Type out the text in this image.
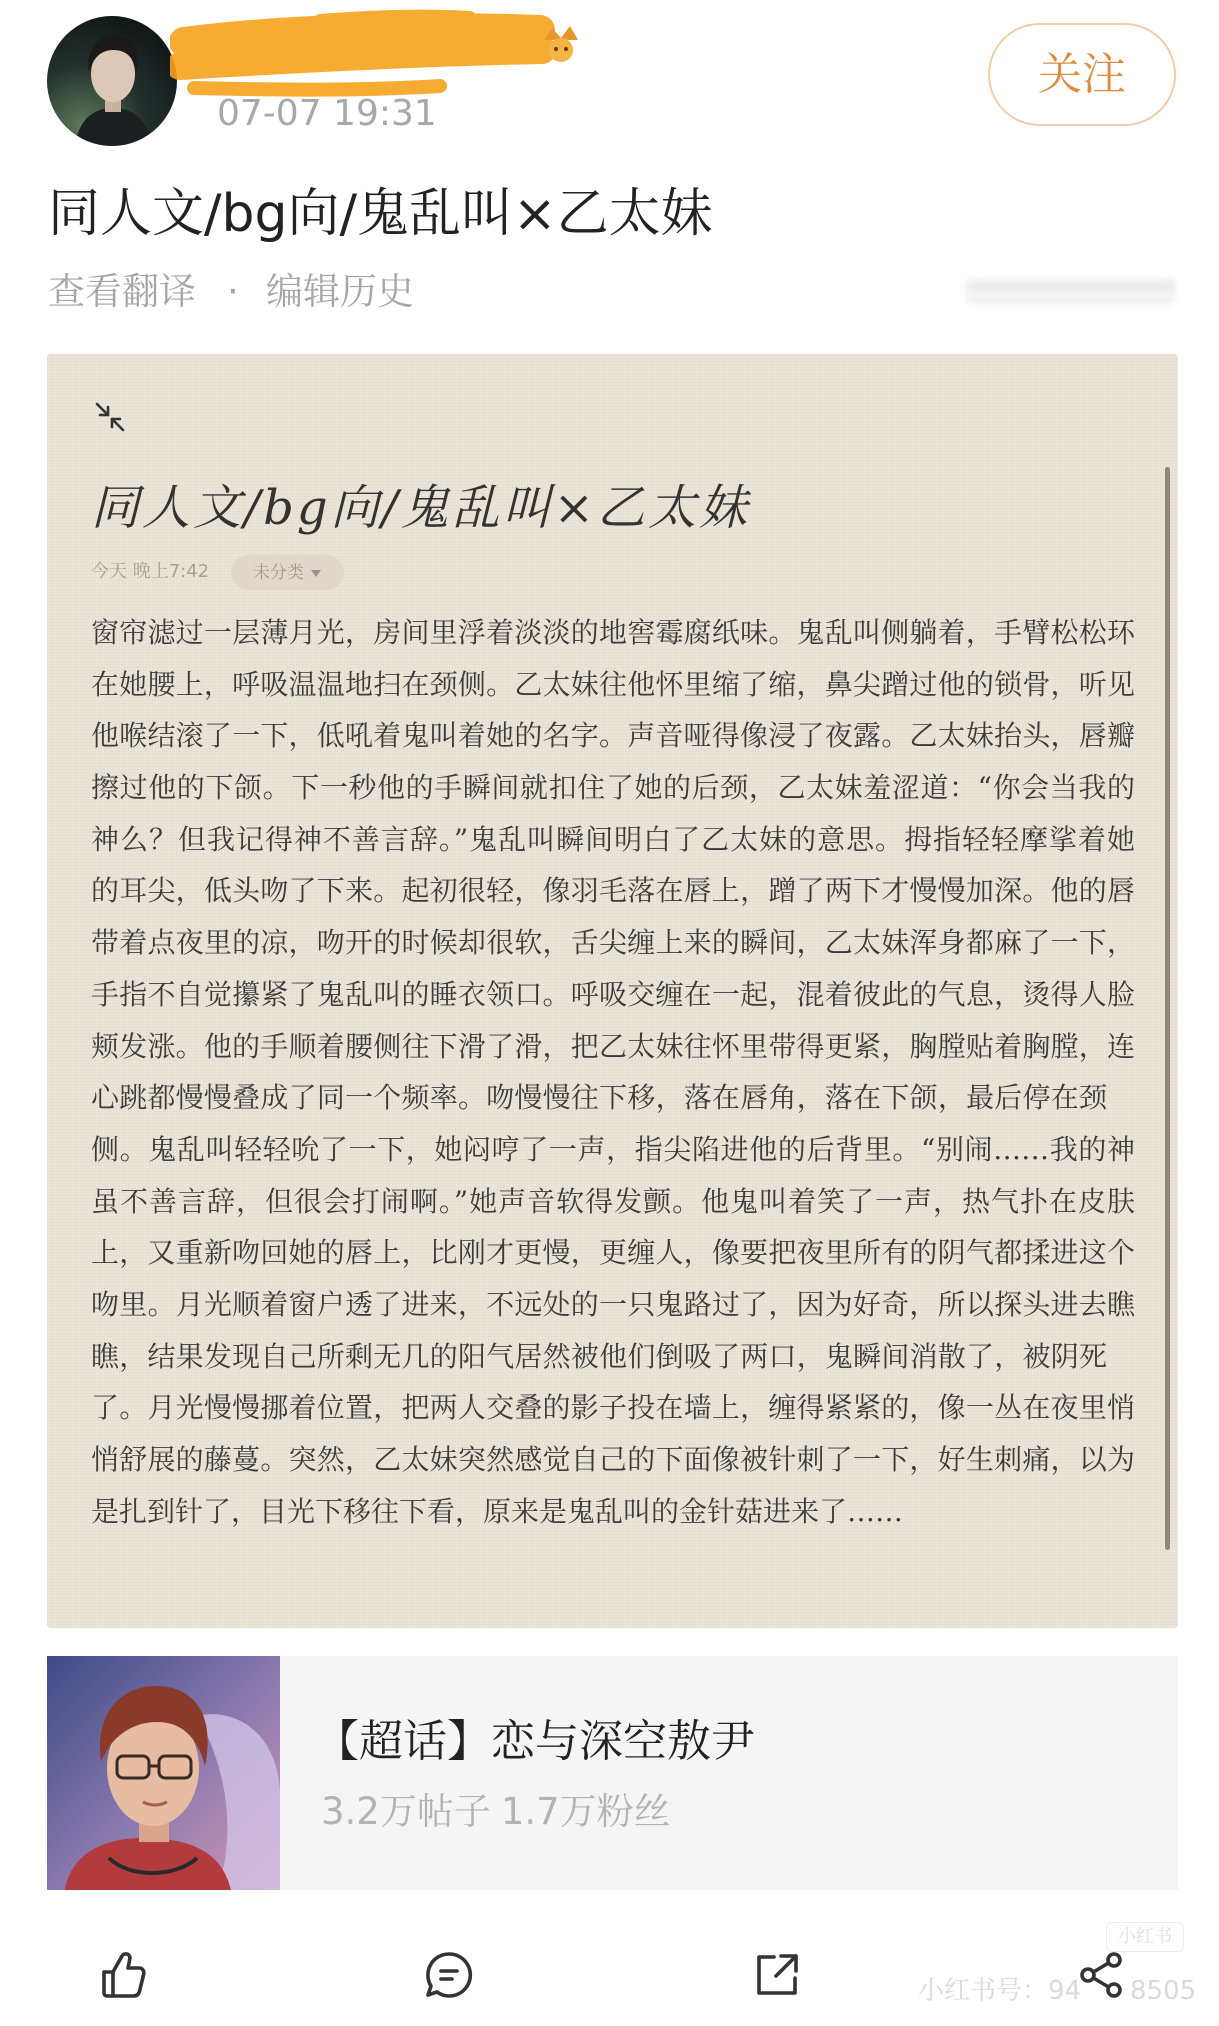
07-07 19:31
关注
同人文/bg向/鬼乱叫×乙太妹
查看翻译 · 编辑历史
同人文/bg向/鬼乱叫×乙太妹
今天 晚上7:42	未分类
窗帘滤过一层薄月光，房间里浮着淡淡的地窖霉腐纸味。鬼乱叫侧躺着，手臂松松环
在她腰上，呼吸温温地扫在颈侧。乙太妹往他怀里缩了缩，鼻尖蹭过他的锁骨，听见
他喉结滚了一下，低吼着鬼叫着她的名字。声音哑得像浸了夜露。乙太妹抬头，唇瓣
擦过他的下颌。下一秒他的手瞬间就扣住了她的后颈，乙太妹羞涩道：“你会当我的
神么？但我记得神不善言辞。”鬼乱叫瞬间明白了乙太妹的意思。拇指轻轻摩挲着她
的耳尖，低头吻了下来。起初很轻，像羽毛落在唇上，蹭了两下才慢慢加深。他的唇
带着点夜里的凉，吻开的时候却很软，舌尖缠上来的瞬间，乙太妹浑身都麻了一下，
手指不自觉攥紧了鬼乱叫的睡衣领口。呼吸交缠在一起，混着彼此的气息，烫得人脸
颊发涨。他的手顺着腰侧往下滑了滑，把乙太妹往怀里带得更紧，胸膛贴着胸膛，连
心跳都慢慢叠成了同一个频率。吻慢慢往下移，落在唇角，落在下颌，最后停在颈
侧。鬼乱叫轻轻吮了一下，她闷哼了一声，指尖陷进他的后背里。“别闹……我的神
虽不善言辞，但很会打闹啊。”她声音软得发颤。他鬼叫着笑了一声，热气扑在皮肤
上，又重新吻回她的唇上，比刚才更慢，更缠人，像要把夜里所有的阴气都揉进这个
吻里。月光顺着窗户透了进来，不远处的一只鬼路过了，因为好奇，所以探头进去瞧
瞧，结果发现自己所剩无几的阳气居然被他们倒吸了两口，鬼瞬间消散了，被阴死
了。月光慢慢挪着位置，把两人交叠的影子投在墙上，缠得紧紧的，像一丛在夜里悄
悄舒展的藤蔓。突然，乙太妹突然感觉自己的下面像被针刺了一下，好生刺痛，以为
是扎到针了，目光下移往下看，原来是鬼乱叫的金针菇进来了……
【超话】恋与深空敖尹
3.2万帖子 1.7万粉丝
小红书
小红书号：94 8505
